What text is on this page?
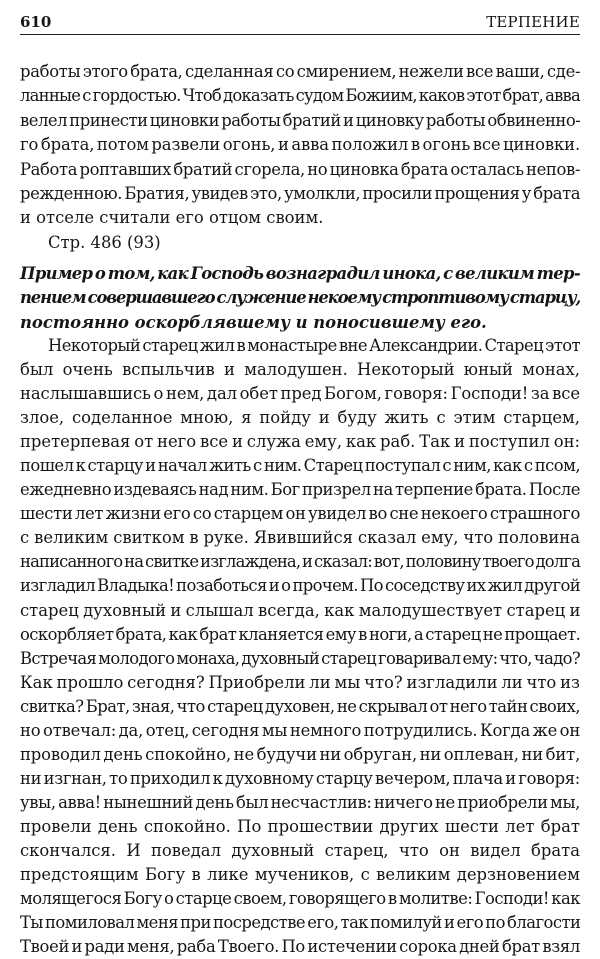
610	ТЕРПЕНИЕ
работы этого брата, сделанная со смирением, нежели все ваши, сде-
ланные с гордостью. Чтоб доказать судом Божиим, каков этот брат, авва
велел принести циновки работы братий и циновку работы обвиненно-
го брата, потом развели огонь, и авва положил в огонь все циновки.
Работа роптавших братий сгорела, но циновка брата осталась непов-
режденною. Братия, увидев это, умолкли, просили прощения у брата
и отселе считали его отцом своим.
Стр. 486 (93)
Пример о том, как Господь вознаградил инока, с великим тер-
пением совершавшего служение некоему строптивому старцу,
постоянно оскорблявшему и поносившему его.
Некоторый старец жил в монастыре вне Александрии. Старец этот
был очень вспыльчив и малодушен. Некоторый юный монах,
наслышавшись о нем, дал обет пред Богом, говоря: Господи! за все
злое, соделанное мною, я пойду и буду жить с этим старцем,
претерпевая от него все и служа ему, как раб. Так и поступил он:
пошел к старцу и начал жить с ним. Старец поступал с ним, как с псом,
ежедневно издеваясь над ним. Бог призрел на терпение брата. После
шести лет жизни его со старцем он увидел во сне некоего страшного
с великим свитком в руке. Явившийся сказал ему, что половина
написанного на свитке изглаждена, и сказал: вот, половину твоего долга
изгладил Владыка! позаботься и о прочем. По соседству их жил другой
старец духовный и слышал всегда, как малодушествует старец и
оскорбляет брата, как брат кланяется ему в ноги, а старец не прощает.
Встречая молодого монаха, духовный старец говаривал ему: что, чадо?
Как прошло сегодня? Приобрели ли мы что? изгладили ли что из
свитка? Брат, зная, что старец духовен, не скрывал от него тайн своих,
но отвечал: да, отец, сегодня мы немного потрудились. Когда же он
проводил день спокойно, не будучи ни обруган, ни оплеван, ни бит,
ни изгнан, то приходил к духовному старцу вечером, плача и говоря:
увы, авва! нынешний день был несчастлив: ничего не приобрели мы,
провели день спокойно. По прошествии других шести лет брат
скончался. И поведал духовный старец, что он видел брата
предстоящим Богу в лике мучеников, с великим дерзновением
молящегося Богу о старце своем, говорящего в молитве: Господи! как
Ты помиловал меня при посредстве его, так помилуй и его по благости
Твоей и ради меня, раба Твоего. По истечении сорока дней брат взял
